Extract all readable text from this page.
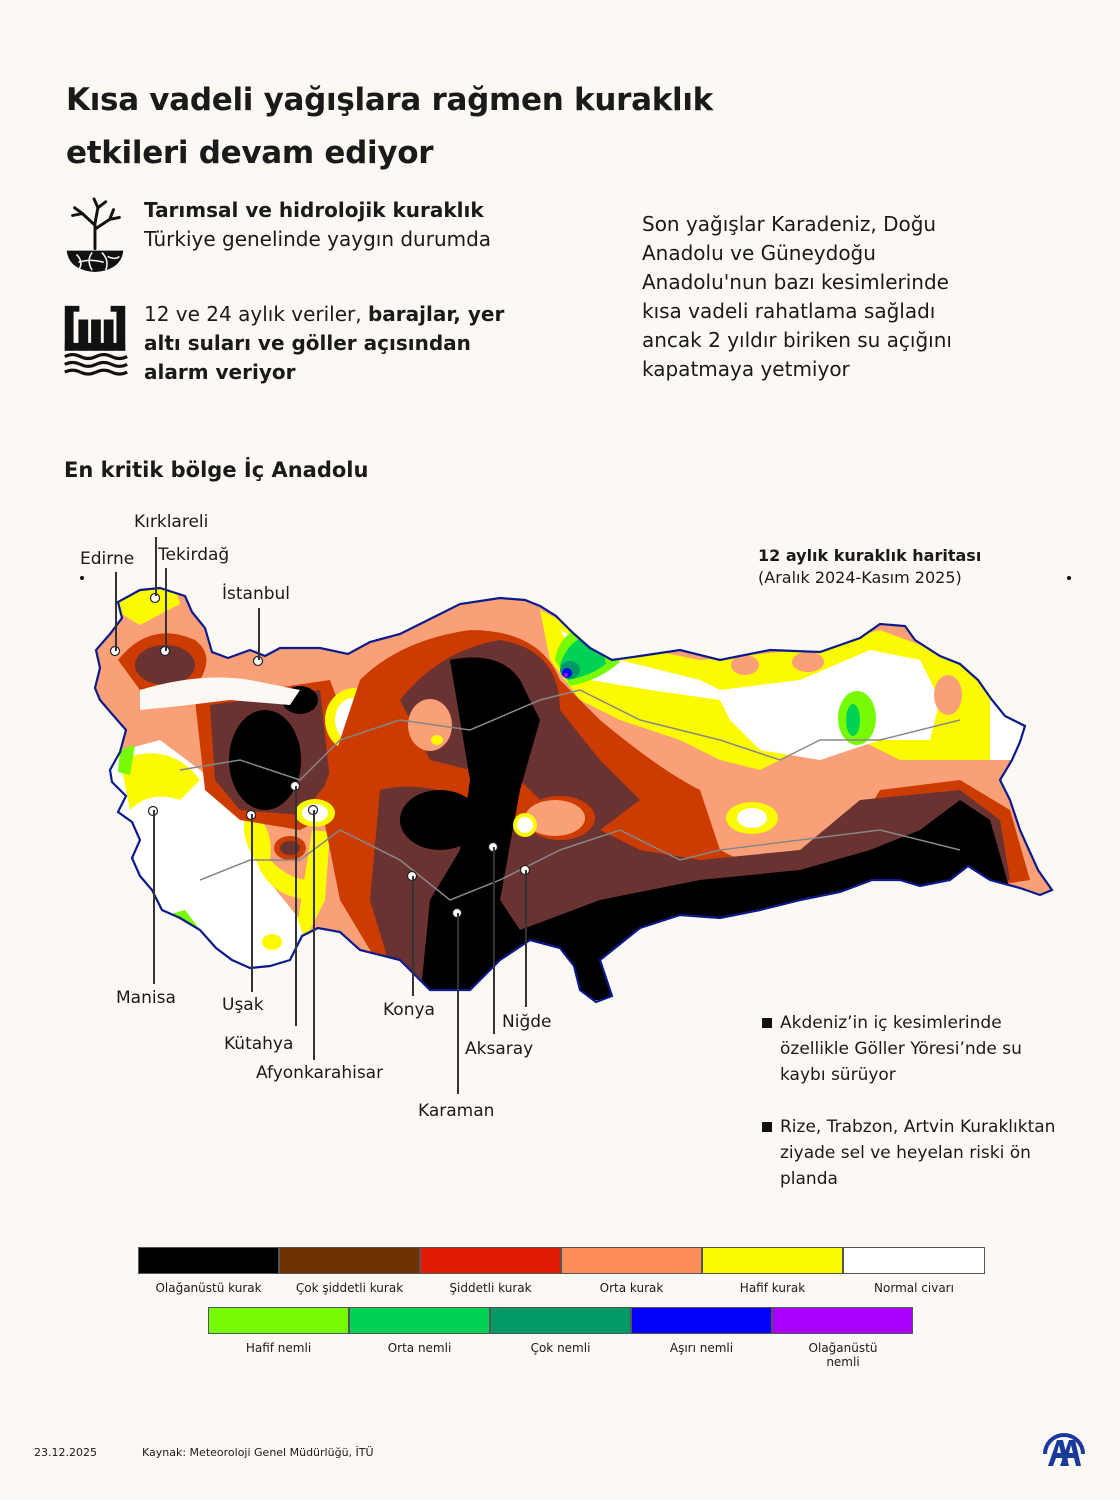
Kısa vadeli yağışlara rağmen kuraklık
etkileri devam ediyor
Tarımsal ve hidrolojik kuraklık
Türkiye genelinde yaygın durumda
12 ve 24 aylık veriler, barajlar, yer altı suları ve göller açısından alarm veriyor
Son yağışlar Karadeniz, Doğu
Anadolu ve Güneydoğu
Anadolu'nun bazı kesimlerinde
kısa vadeli rahatlama sağladı
ancak 2 yıldır biriken su açığını
kapatmaya yetmiyor
En kritik bölge İç Anadolu
12 aylık kuraklık haritası
(Aralık 2024-Kasım 2025)
Kırklareli
Tekirdağ
Edirne
İstanbul
Manisa	Uşak
Kütahya
Afyonkarahisar
Konya
Karaman
Aksaray
Niğde	Akdeniz’in iç kesimlerinde özellikle Göller Yöresi’nde su kaybı sürüyor
Rize, Trabzon, Artvin Kuraklıktan ziyade sel ve heyelan riski ön planda
Olağanüstü kurak	Çok şiddetli kurak	Şiddetli kurak	Orta kurak	Hafif kurak	Normal civarı
Hafif nemli	Orta nemli	Çok nemli	Aşırı nemli	Olağanüstü nemli
23.12.2025	Kaynak: Meteoroloji Genel Müdürlüğü, İTÜ
